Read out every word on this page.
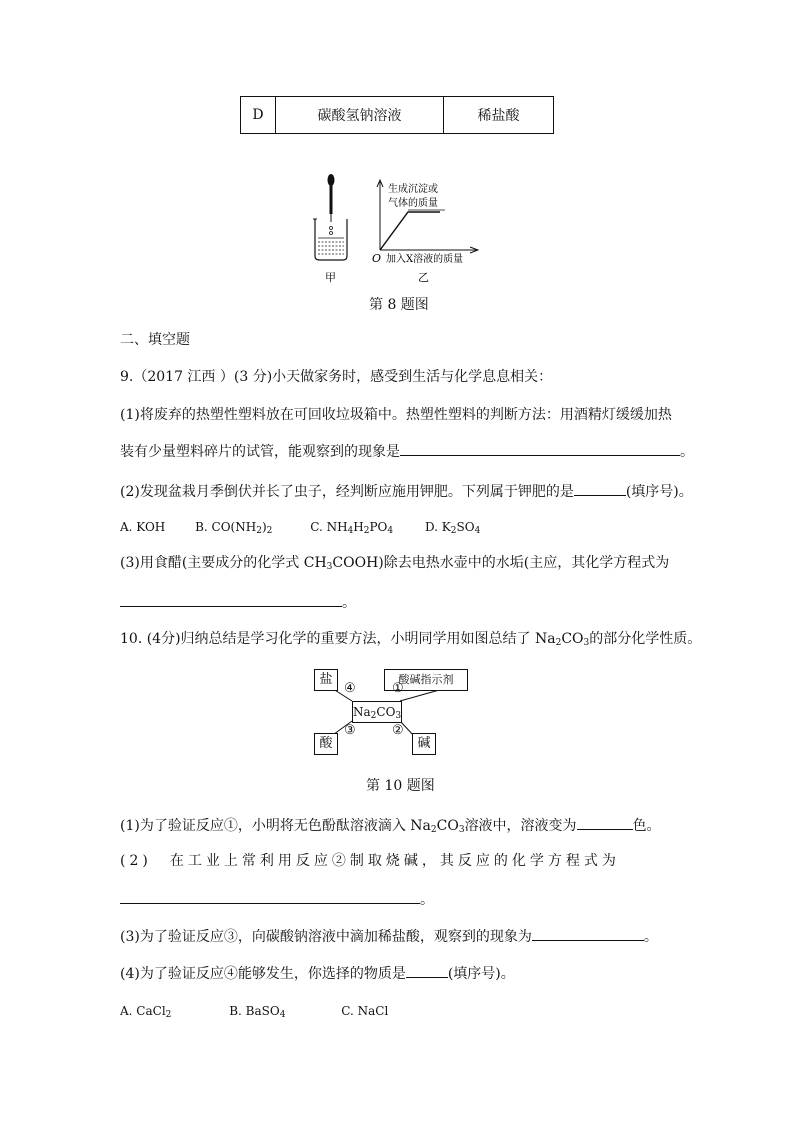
D	碳酸氢钠溶液	稀盐酸
甲
生成沉淀或
气体的质量
O 加入X溶液的质量
乙
第 8 题图
二、填空题
9.（2017 江西 ）(3 分)小天做家务时，感受到生活与化学息息相关：
(1)将废弃的热塑性塑料放在可回收垃圾箱中。热塑性塑料的判断方法：用酒精灯缓缓加热
装有少量塑料碎片的试管，能观察到的现象是	。
(2)发现盆栽月季倒伏并长了虫子，经判断应施用钾肥。下列属于钾肥的是	(填序号)。
A. KOH B. $CO(NH_2)_2$	C. $NH_4H_2PO_4$	D. $K_2SO_4$
(3)用食醋(主要成分的化学式 $CH_3COOH$)除去电热水壶中的水垢(主应，其化学方程式为
。
10. (4分)归纳总结是学习化学的重要方法，小明同学用如图总结了 $Na_2CO_3$的部分化学性质。
盐	酸碱指示剂
$Na_2CO_3$
酸	碱
④	①
③	②
第 10 题图
(1)为了验证反应①，小明将无色酚酞溶液滴入 $Na_2CO_3$溶液中，溶液变为	色。
(2)　在工业上常利用反应②制取烧碱，其反应的化学方程式为
。
(3)为了验证反应③，向碳酸钠溶液中滴加稀盐酸，观察到的现象为	。
(4)为了验证反应④能够发生，你选择的物质是	(填序号)。
A. CaCl$_2$	B. BaSO$_4$	C. NaCl
